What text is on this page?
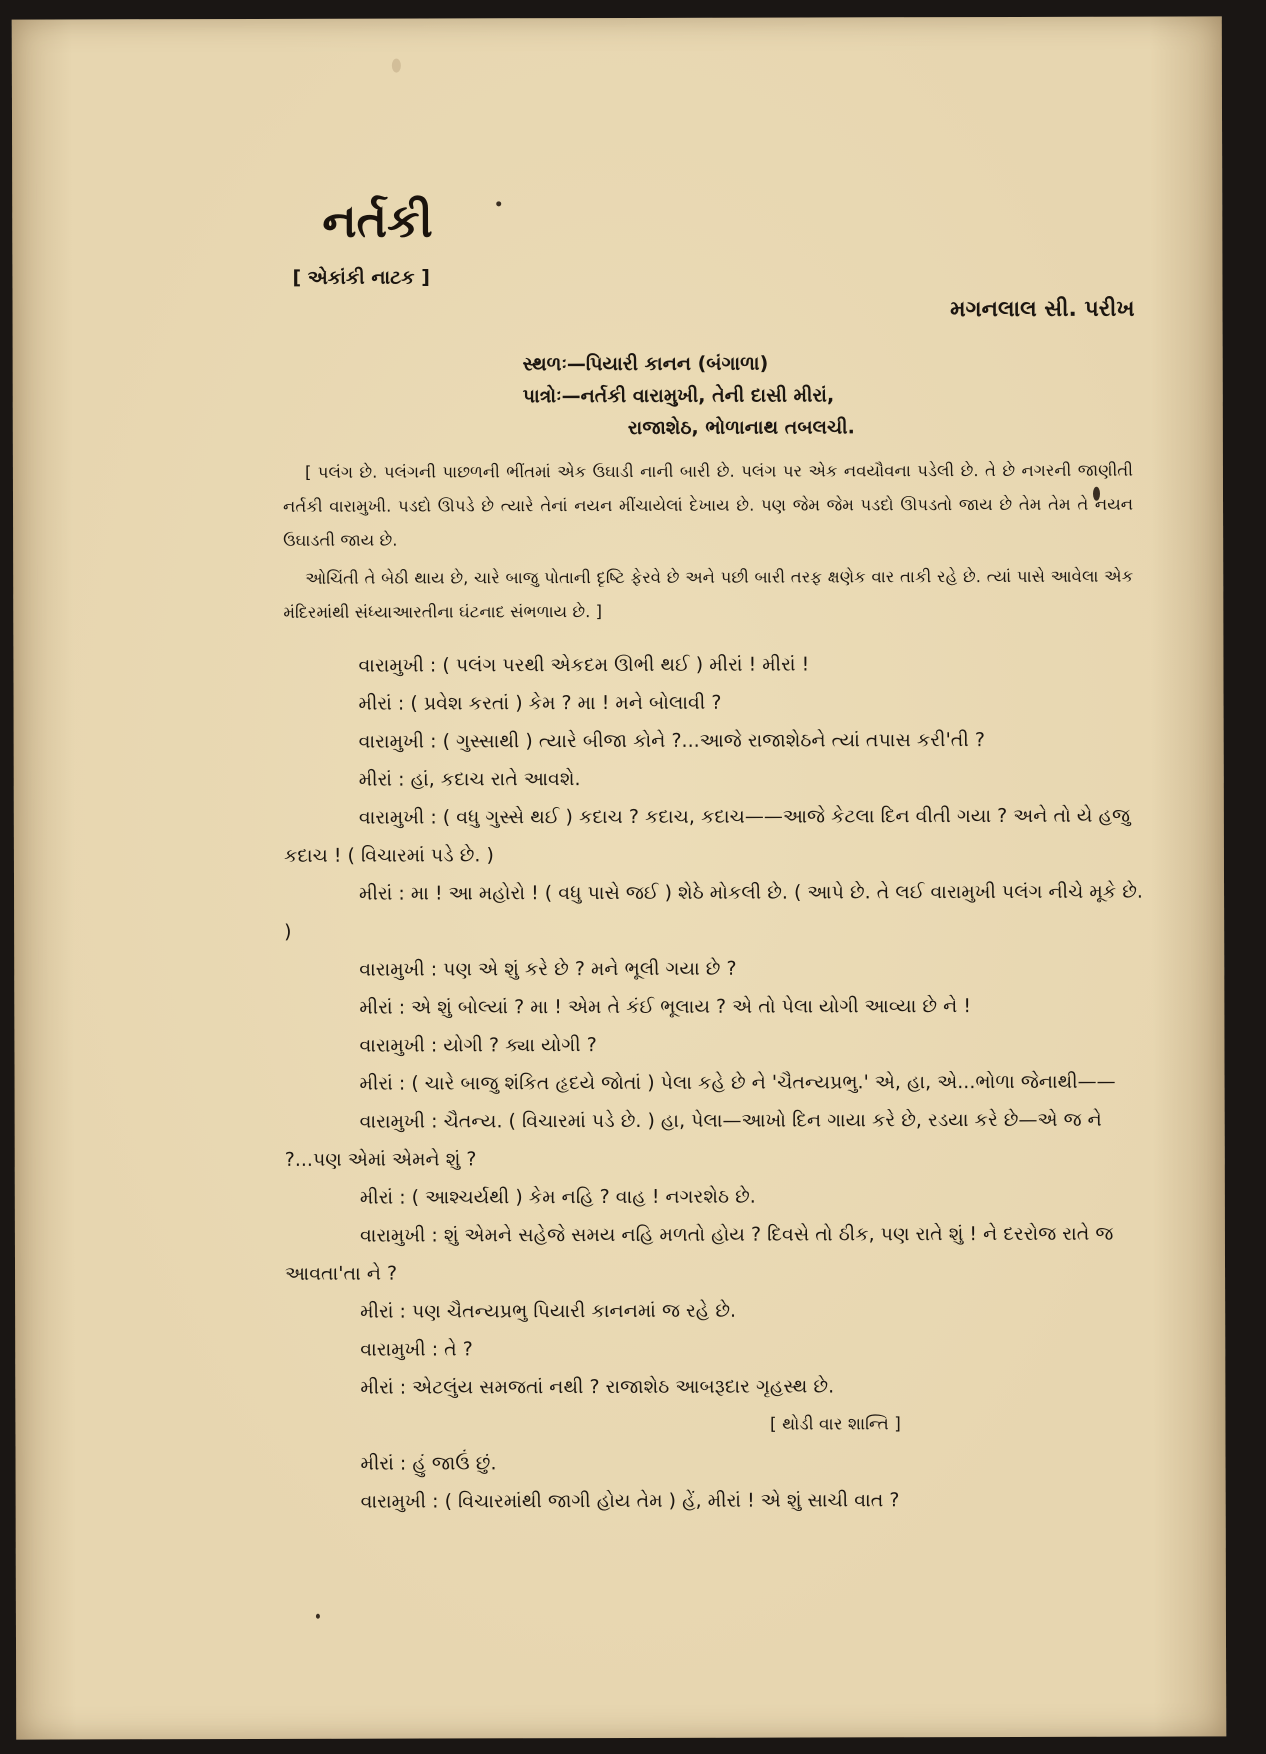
નર્તકી
[ એકાંકી નાટક ]
મગનલાલ સી. પરીખ
સ્થળઃ—પિયારી કાનન (બંગાળા)
પાત્રોઃ—નર્તકી વારામુખી, તેની દાસી મીરાં,
રાજાશેઠ, ભોળાનાથ તબલચી.

[ પલંગ છે. પલંગની પાછળની ભીંતમાં એક ઉઘાડી નાની બારી છે. પલંગ પર એક નવયૌવના પડેલી છે. તે છે નગરની જાણીતી નર્તકી વારામુખી. પડદો ઊપડે છે ત્યારે તેનાં નયન મીંચાયેલાં દેખાય છે. પણ જેમ જેમ પડદો ઊપડતો જાય છે તેમ તેમ તે નયન ઉઘાડતી જાય છે.

ઓચિંતી તે બેઠી થાય છે, ચારે બાજુ પોતાની દૃષ્ટિ ફેરવે છે અને પછી બારી તરફ ક્ષણેક વાર તાકી રહે છે. ત્યાં પાસે આવેલા એક મંદિરમાંથી સંધ્યાઆરતીના ઘંટનાદ સંભળાય છે. ]

વારામુખી : ( પલંગ પરથી એકદમ ઊભી થઈ ) મીરાં ! મીરાં !

મીરાં : ( પ્રવેશ કરતાં ) કેમ ? મા ! મને બોલાવી ?

વારામુખી : ( ગુસ્સાથી ) ત્યારે બીજા કોને ?...આજે રાજાશેઠને ત્યાં તપાસ કરી'તી ?

મીરાં : હાં, કદાચ રાતે આવશે.

વારામુખી : ( વધુ ગુસ્સે થઈ ) કદાચ ? કદાચ, કદાચ——આજે કેટલા દિન વીતી ગયા ? અને તો યે હજુ કદાચ ! ( વિચારમાં પડે છે. )

મીરાં : મા ! આ મહોરો ! ( વધુ પાસે જઈ ) શેઠે મોકલી છે. ( આપે છે. તે લઈ વારામુખી પલંગ નીચે મૂકે છે. )

વારામુખી : પણ એ શું કરે છે ? મને ભૂલી ગયા છે ?

મીરાં : એ શું બોલ્યાં ? મા ! એમ તે કંઈ ભૂલાય ? એ તો પેલા યોગી આવ્યા છે ને !

વારામુખી : યોગી ? ક્યા યોગી ?

મીરાં : ( ચારે બાજુ શંકિત હૃદયે જોતાં ) પેલા કહે છે ને 'ચૈતન્યપ્રભુ.' એ, હા, એ...ભોળા જેનાથી——

વારામુખી : ચૈતન્ય. ( વિચારમાં પડે છે. ) હા, પેલા—આખો દિન ગાયા કરે છે, રડયા કરે છે—એ જ ને ?...પણ એમાં એમને શું ?

મીરાં : ( આશ્ચર્યથી ) કેમ નહિ ? વાહ ! નગરશેઠ છે.

વારામુખી : શું એમને સહેજે સમય નહિ મળતો હોય ? દિવસે તો ઠીક, પણ રાતે શું ! ને દરરોજ રાતે જ આવતા'તા ને ?

મીરાં : પણ ચૈતન્યપ્રભુ પિયારી કાનનમાં જ રહે છે.

વારામુખી : તે ?

મીરાં : એટલુંય સમજતાં નથી ? રાજાશેઠ આબરૂદાર ગૃહસ્થ છે.

[ થોડી વાર શાન્તિ ]

મીરાં : હું જાઉં છું.

વારામુખી : ( વિચારમાંથી જાગી હોય તેમ ) હેં, મીરાં ! એ શું સાચી વાત ?
